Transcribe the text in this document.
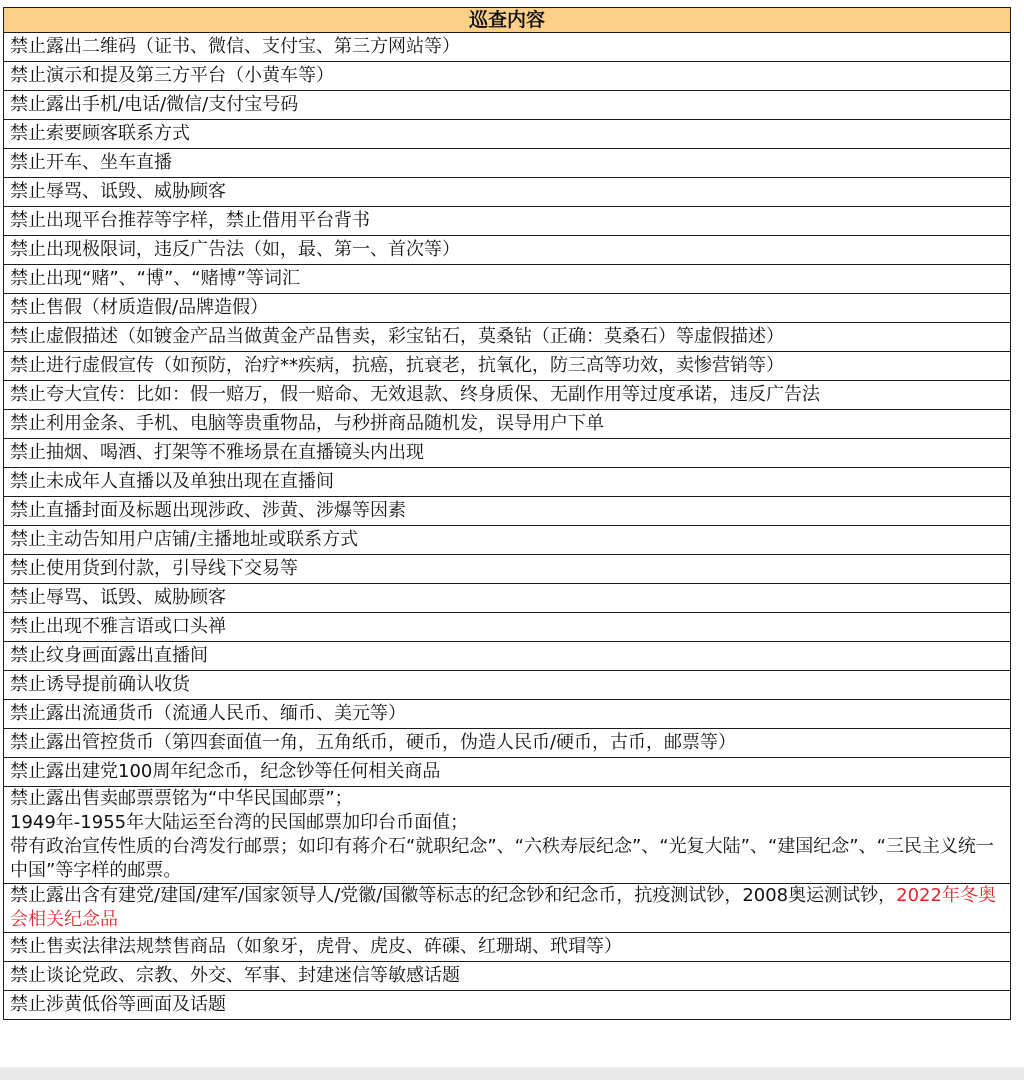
巡查内容
禁止露出二维码（证书、微信、支付宝、第三方网站等）
禁止演示和提及第三方平台（小黄车等）
禁止露出手机/电话/微信/支付宝号码
禁止索要顾客联系方式
禁止开车、坐车直播
禁止辱骂、诋毁、威胁顾客
禁止出现平台推荐等字样，禁止借用平台背书
禁止出现极限词，违反广告法（如，最、第一、首次等）
禁止出现“赌”、“博”、“赌博”等词汇
禁止售假（材质造假/品牌造假）
禁止虚假描述（如镀金产品当做黄金产品售卖，彩宝钻石，莫桑钻（正确：莫桑石）等虚假描述）
禁止进行虚假宣传（如预防，治疗**疾病，抗癌，抗衰老，抗氧化，防三高等功效，卖惨营销等）
禁止夸大宣传：比如：假一赔万，假一赔命、无效退款、终身质保、无副作用等过度承诺，违反广告法
禁止利用金条、手机、电脑等贵重物品，与秒拼商品随机发，误导用户下单
禁止抽烟、喝酒、打架等不雅场景在直播镜头内出现
禁止未成年人直播以及单独出现在直播间
禁止直播封面及标题出现涉政、涉黄、涉爆等因素
禁止主动告知用户店铺/主播地址或联系方式
禁止使用货到付款，引导线下交易等
禁止辱骂、诋毁、威胁顾客
禁止出现不雅言语或口头禅
禁止纹身画面露出直播间
禁止诱导提前确认收货
禁止露出流通货币（流通人民币、缅币、美元等）
禁止露出管控货币（第四套面值一角，五角纸币，硬币，伪造人民币/硬币，古币，邮票等）
禁止露出建党100周年纪念币，纪念钞等任何相关商品

禁止露出售卖邮票票铭为“中华民国邮票”；
1949年-1955年大陆运至台湾的民国邮票加印台币面值；
带有政治宣传性质的台湾发行邮票；如印有蒋介石“就职纪念”、“六秩寿辰纪念”、“光复大陆”、“建国纪念”、“三民主义统一中国”等字样的邮票。

禁止露出含有建党/建国/建军/国家领导人/党徽/国徽等标志的纪念钞和纪念币，抗疫测试钞，2008奥运测试钞，2022年冬奥会相关纪念品

禁止售卖法律法规禁售商品（如象牙，虎骨、虎皮、砗磲、红珊瑚、玳瑁等）
禁止谈论党政、宗教、外交、军事、封建迷信等敏感话题
禁止涉黄低俗等画面及话题
